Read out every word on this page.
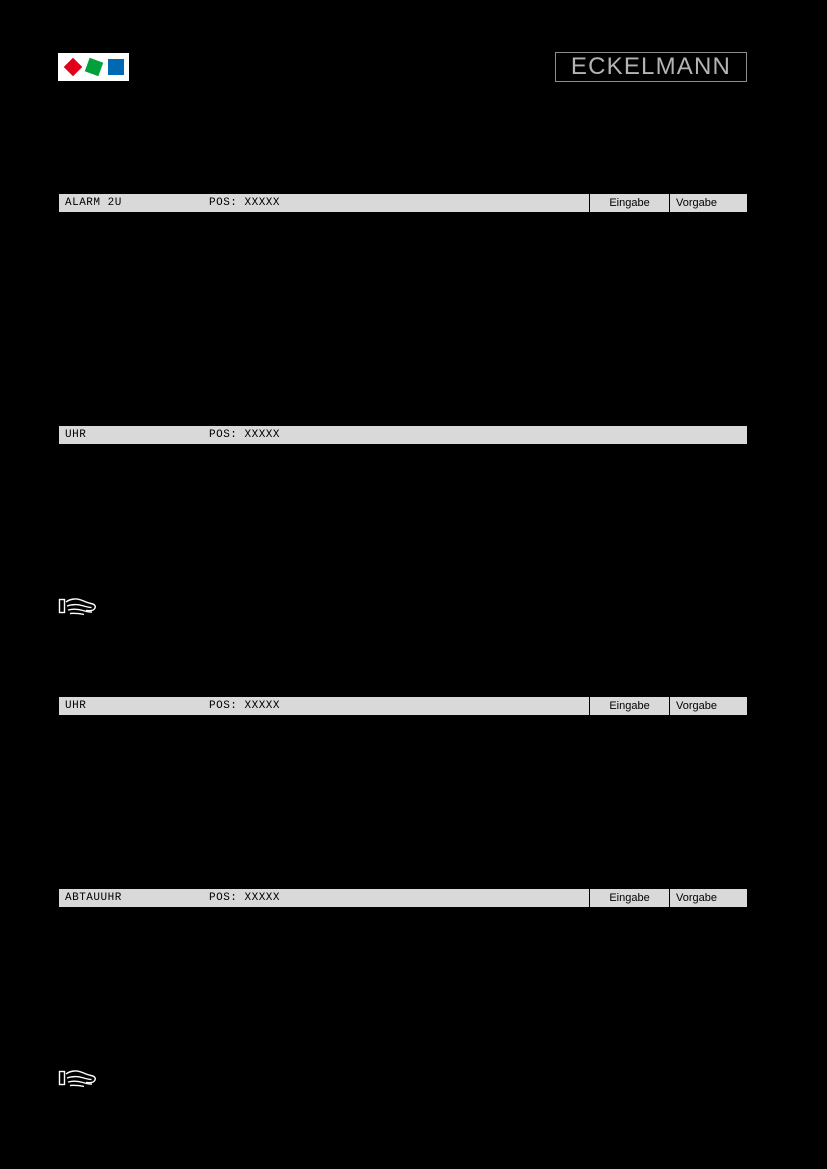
ECKELMANN
ALARM 2U	POS: XXXXX	Eingabe	Vorgabe
UHR	POS: XXXXX
UHR	POS: XXXXX	Eingabe	Vorgabe
ABTAUUHR	POS: XXXXX	Eingabe	Vorgabe
